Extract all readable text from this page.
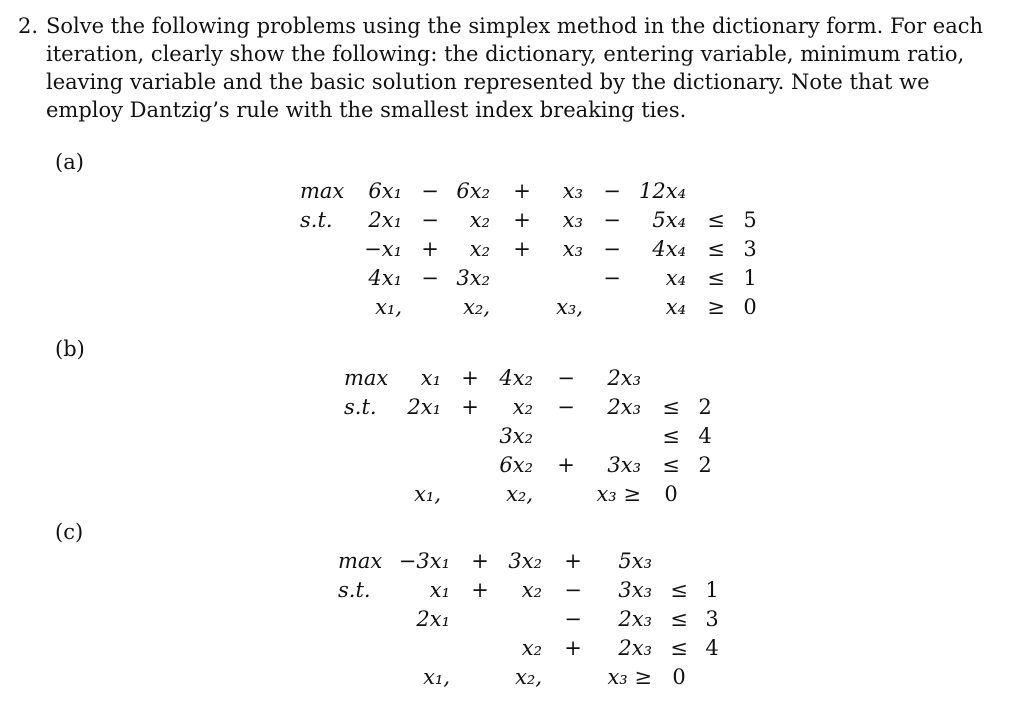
2. Solve the following problems using the simplex method in the dictionary form. For each iteration, clearly show the following: the dictionary, entering variable, minimum ratio, leaving variable and the basic solution represented by the dictionary. Note that we employ Dantzig’s rule with the smallest index breaking ties.
(a)
(b)
(c)
max 6x₁ − 6x₂ + x₃ − 12x₄
s.t. 2x₁ − x₂ + x₃ − 5x₄ ≤ 5
−x₁ + x₂ + x₃ − 4x₄ ≤ 3
4x₁ − 3x₂	− x₄ ≤ 1
x₁,	x₂,	x₃,	x₄ ≥ 0
max x₁ + 4x₂ − 2x₃
s.t. 2x₁ + x₂ − 2x₃ ≤ 2
3x₂	≤ 4
6x₂ + 3x₃ ≤ 2
x₁,	x₂,	x₃ ≥ 0
max −3x₁ + 3x₂ + 5x₃
s.t.	x₁ + x₂ − 3x₃ ≤ 1
2x₁	− 2x₃ ≤ 3
x₂ + 2x₃ ≤ 4
x₁,	x₂,	x₃ ≥ 0
